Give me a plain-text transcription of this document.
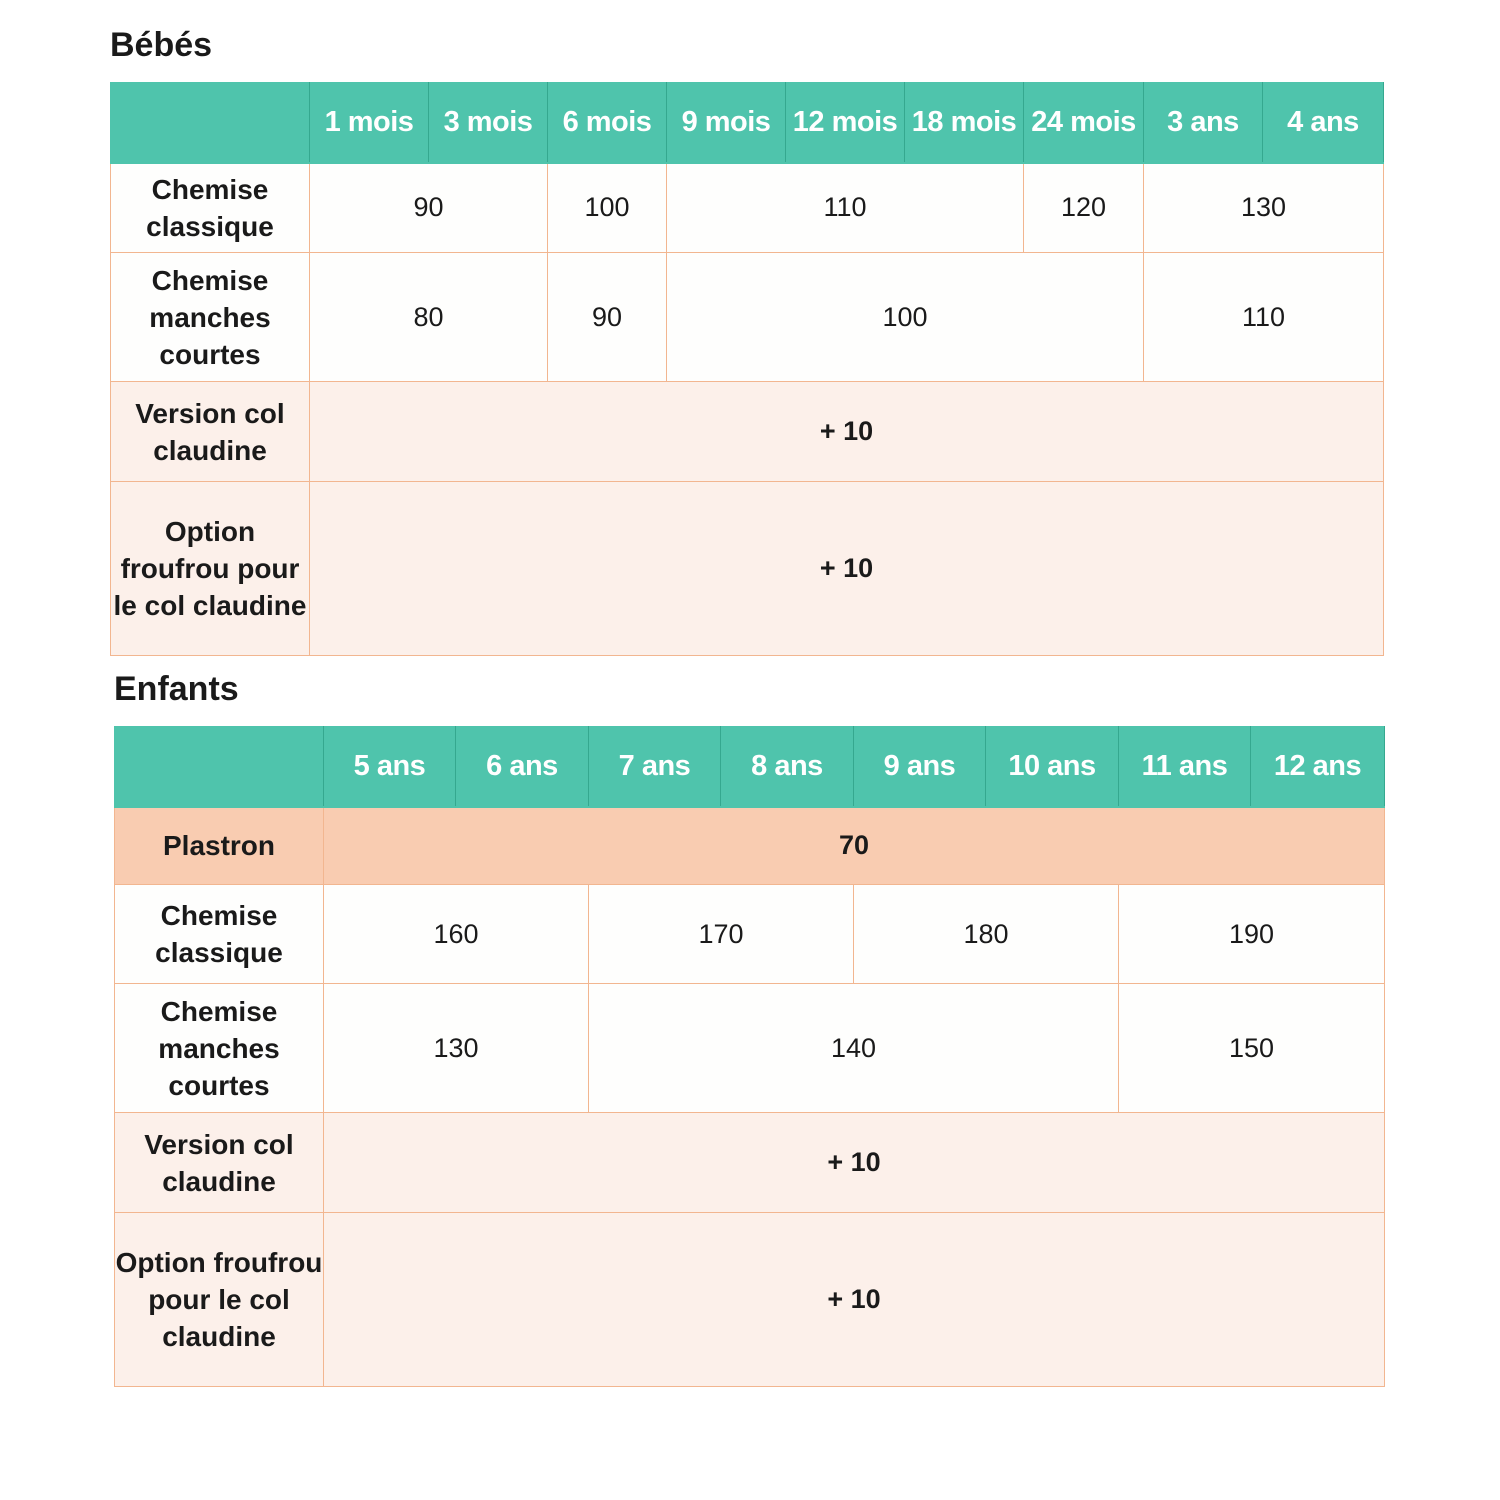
Bébés
	1 mois	3 mois	6 mois	9 mois	12 mois	18 mois	24 mois	3 ans	4 ans
Chemise classique	90		100	110			120	130	
Chemise manches courtes	80		90	100				110	
Version col claudine	+ 10								
Option froufrou pour le col claudine	+ 10								
Enfants
	5 ans	6 ans	7 ans	8 ans	9 ans	10 ans	11 ans	12 ans
Plastron	70							
Chemise classique	160		170		180		190	
Chemise manches courtes	130		140				150	
Version col claudine	+ 10							
Option froufrou pour le col claudine	+ 10							
